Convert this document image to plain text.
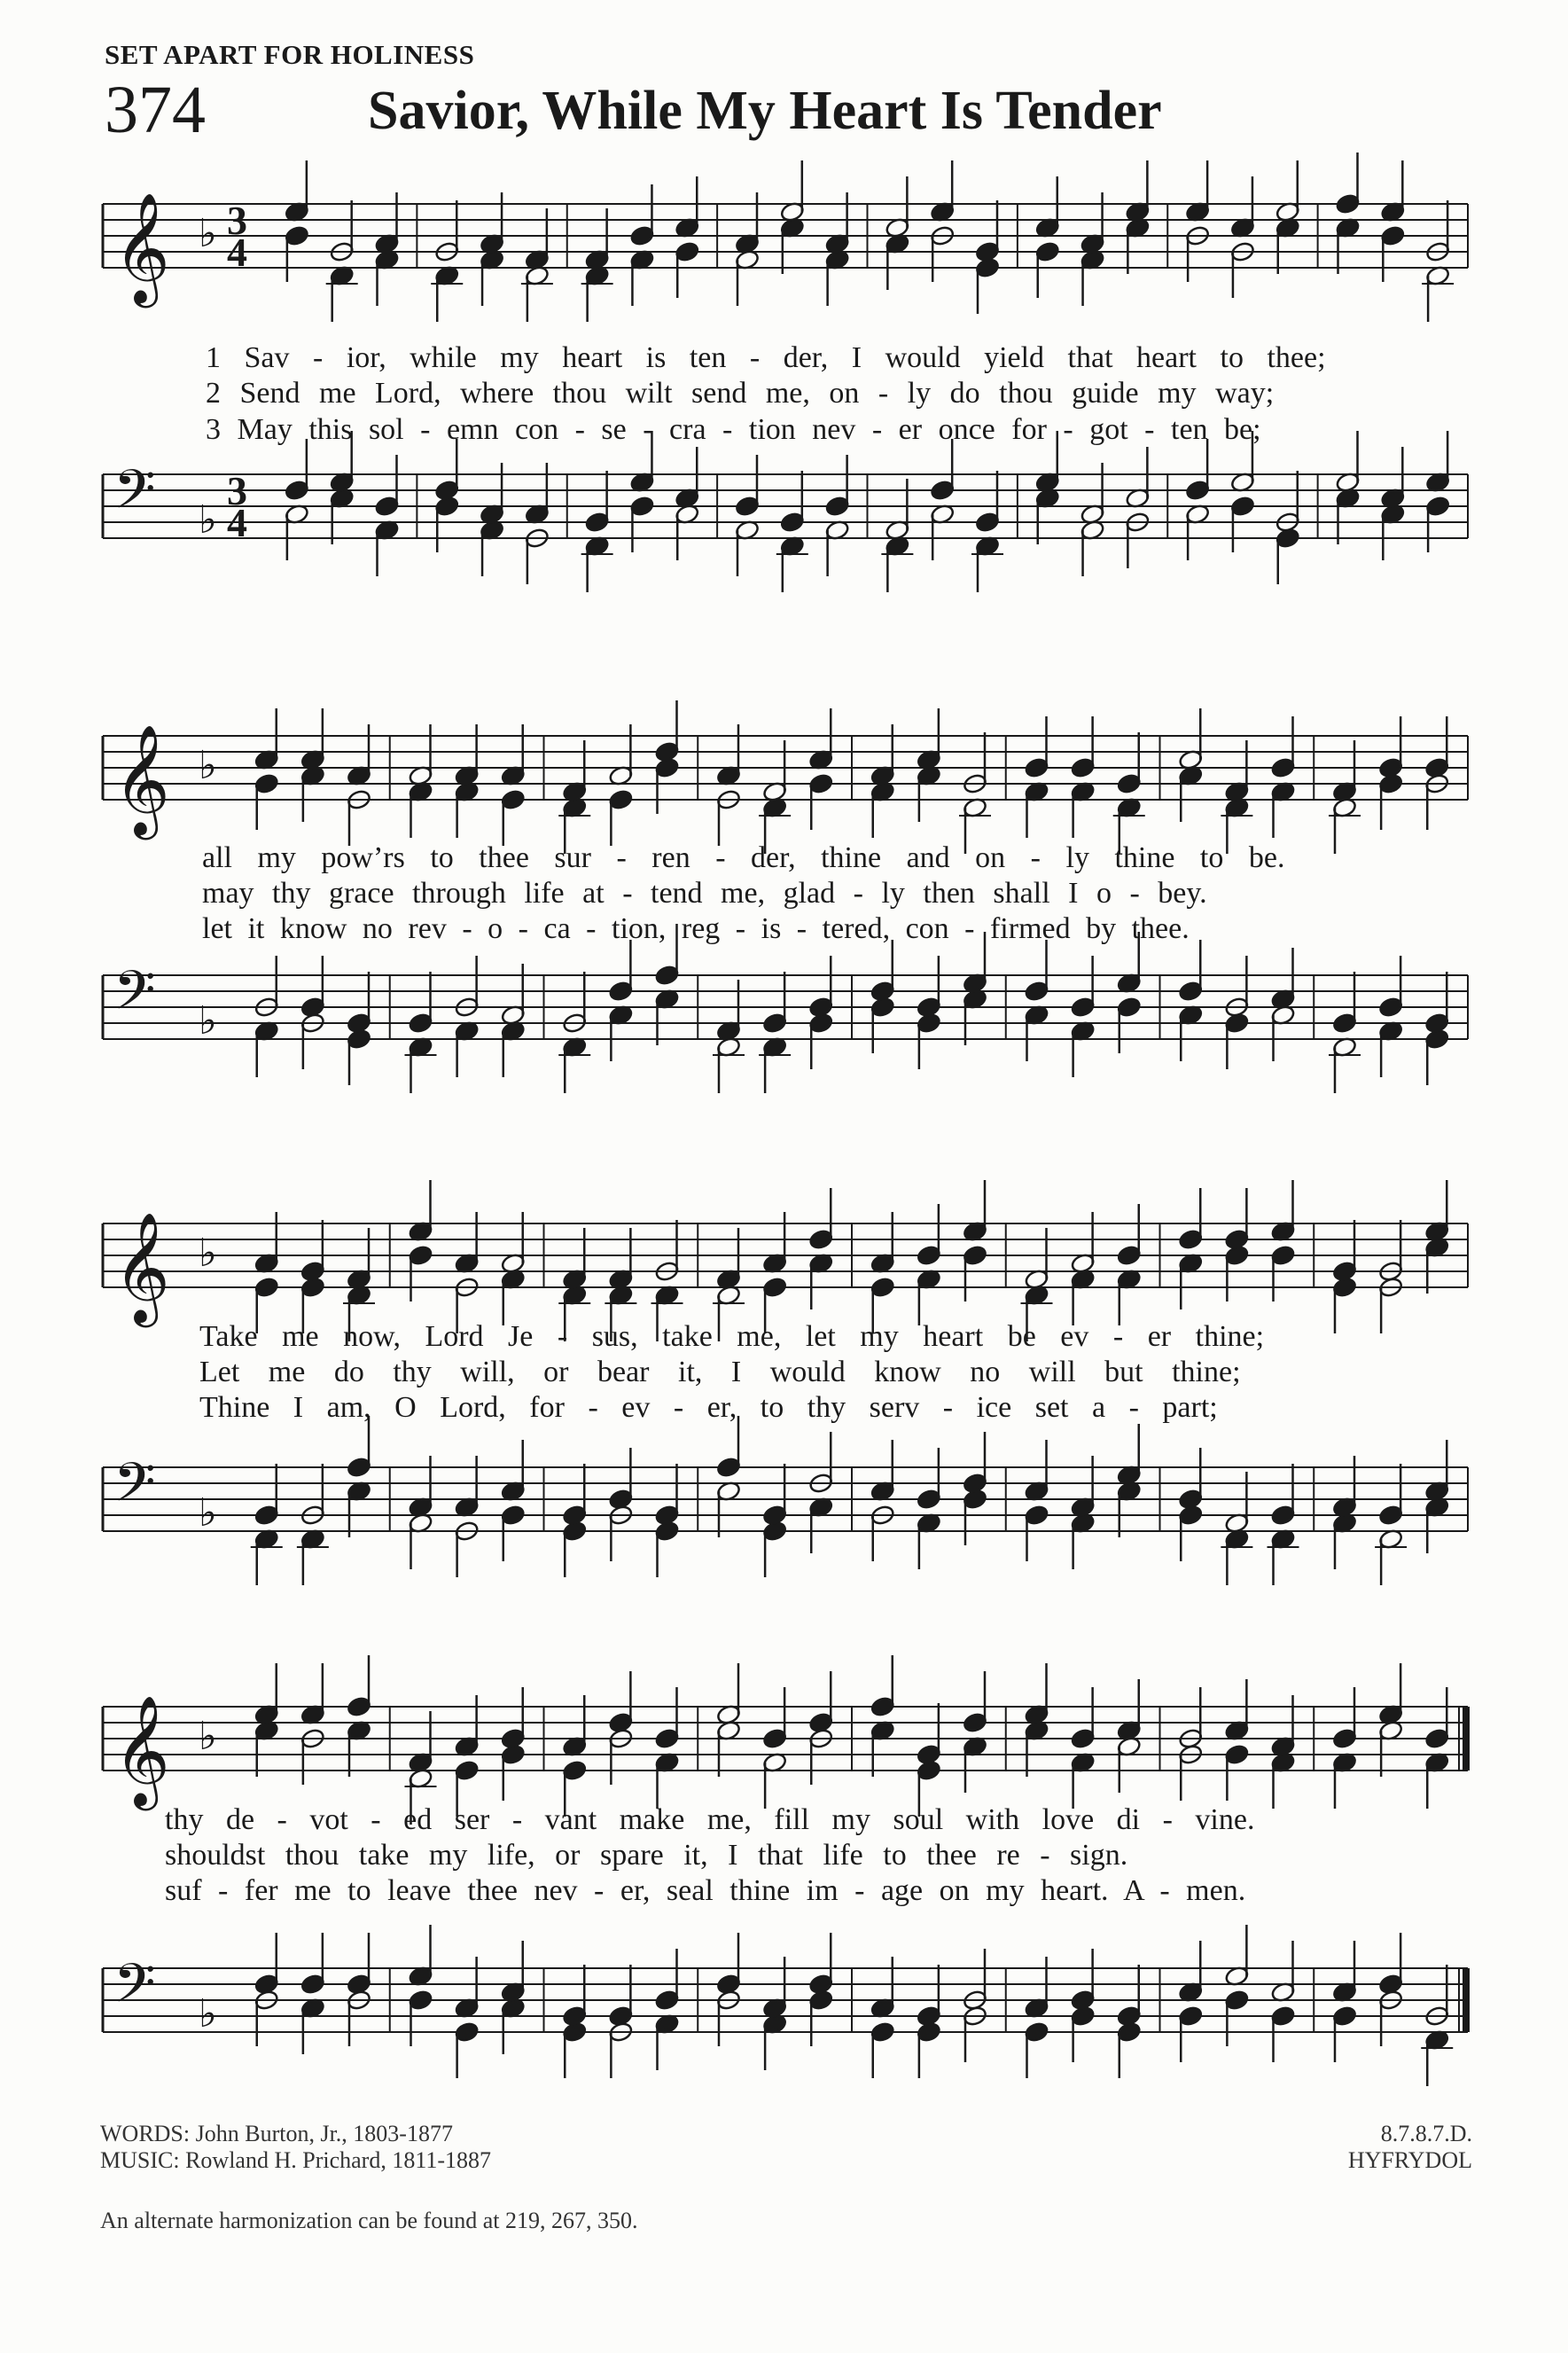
SET APART FOR HOLINESS
374	Savior, While My Heart Is Tender
𝄞 ♭ 3
4
𝄢 ♭
3
4
1 Sav - ior, while my heart is ten - der, I would yield that heart to thee;
2 Send me Lord, where thou wilt send me, on - ly do thou guide my way;
3 May this sol - emn con - se - cra - tion nev - er once for - got - ten be;
𝄞 ♭
𝄢 ♭
all my pow’rs to thee sur - ren - der, thine and on - ly thine to be.
may thy grace through life at - tend me, glad - ly then shall I o - bey.
let it know no rev - o - ca - tion, reg - is - tered, con - firmed by thee.
𝄞 ♭
𝄢 ♭
Take me now, Lord Je - sus, take me, let my heart be ev - er thine;
Let me do thy will, or bear it, I would know no will but thine;
Thine I am, O Lord, for - ev - er, to thy serv - ice set a - part;
𝄞 ♭
𝄢 ♭
thy de - vot - ed ser - vant make me, fill my soul with love di - vine.
shouldst thou take my life, or spare it, I that life to thee re - sign.
suf - fer me to leave thee nev - er, seal thine im - age on my heart. A - men.
WORDS: John Burton, Jr., 1803-1877
MUSIC: Rowland H. Prichard, 1811-1887
8.7.8.7.D.
HYFRYDOL
An alternate harmonization can be found at 219, 267, 350.
